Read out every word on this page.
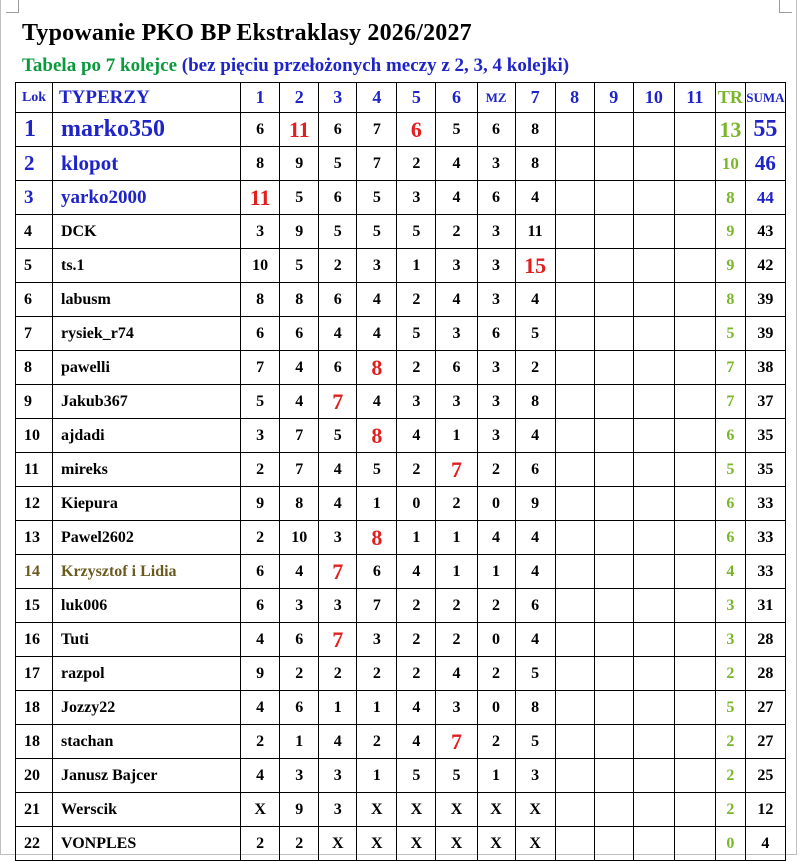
Typowanie PKO BP Ekstraklasy 2026/2027
Tabela po 7 kolejce (bez pięciu przełożonych meczy z 2, 3, 4 kolejki)
Lok	TYPERZY	1	2	3	4	5	6	MZ	7	8	9	10	11	TR	SUMA
1	marko350	6	11	6	7	6	5	6	8					13	55
2	klopot	8	9	5	7	2	4	3	8					10	46
3	yarko2000	11	5	6	5	3	4	6	4					8	44
4	DCK	3	9	5	5	5	2	3	11					9	43
5	ts.1	10	5	2	3	1	3	3	15					9	42
6	labusm	8	8	6	4	2	4	3	4					8	39
7	rysiek_r74	6	6	4	4	5	3	6	5					5	39
8	pawelli	7	4	6	8	2	6	3	2					7	38
9	Jakub367	5	4	7	4	3	3	3	8					7	37
10	ajdadi	3	7	5	8	4	1	3	4					6	35
11	mireks	2	7	4	5	2	7	2	6					5	35
12	Kiepura	9	8	4	1	0	2	0	9					6	33
13	Pawel2602	2	10	3	8	1	1	4	4					6	33
14	Krzysztof i Lidia	6	4	7	6	4	1	1	4					4	33
15	luk006	6	3	3	7	2	2	2	6					3	31
16	Tuti	4	6	7	3	2	2	0	4					3	28
17	razpol	9	2	2	2	2	4	2	5					2	28
18	Jozzy22	4	6	1	1	4	3	0	8					5	27
18	stachan	2	1	4	2	4	7	2	5					2	27
20	Janusz Bajcer	4	3	3	1	5	5	1	3					2	25
21	Werscik	X	9	3	X	X	X	X	X					2	12
22	VONPLES	2	2	X	X	X	X	X	X					0	4
